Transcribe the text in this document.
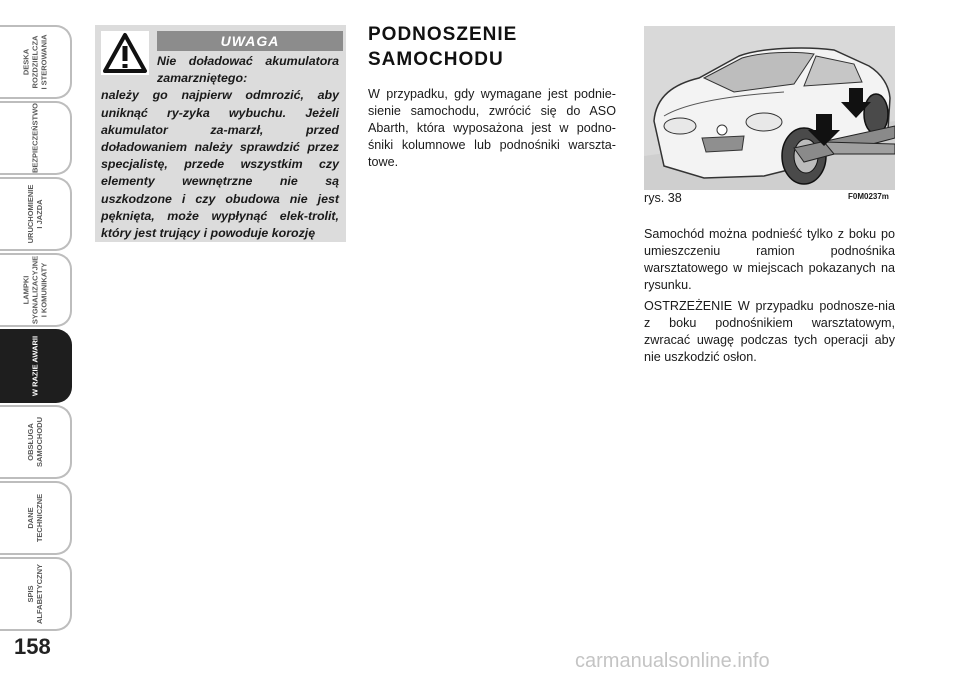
DESKA
ROZDZIELCZA
I STEROWANIA
BEZPIECZEŃSTWO
URUCHOMIENIE
I JAZDA
LAMPKI
SYGNALIZACYJNE
I KOMUNIKATY
W RAZIE AWARII
OBSŁUGA
SAMOCHODU
DANE
TECHNICZNE
SPIS
ALFABETYCZNY
158
UWAGA
Nie doładować akumulatora zamarzniętego:
należy go najpierw odmrozić, aby uniknąć ry-zyka wybuchu. Jeżeli akumulator za-marzł, przed doładowaniem należy sprawdzić przez specjalistę, przede wszystkim czy elementy wewnętrzne nie są uszkodzone i czy obudowa nie jest pęknięta, może wypłynąć elek-trolit, który jest trujący i powoduje korozję
PODNOSZENIE
SAMOCHODU
W przypadku, gdy wymagane jest podnie-sienie samochodu, zwrócić się do ASO Abarth, która wyposażona jest w podno-śniki kolumnowe lub podnośniki warszta-towe.
rys. 38	F0M0237m
Samochód można podnieść tylko z boku po umieszczeniu ramion podnośnika warsztatowego w miejscach pokazanych na rysunku.
OSTRZEŻENIE W przypadku podnosze-nia z boku podnośnikiem warsztatowym, zwracać uwagę podczas tych operacji aby nie uszkodzić osłon.
carmanualsonline.info
